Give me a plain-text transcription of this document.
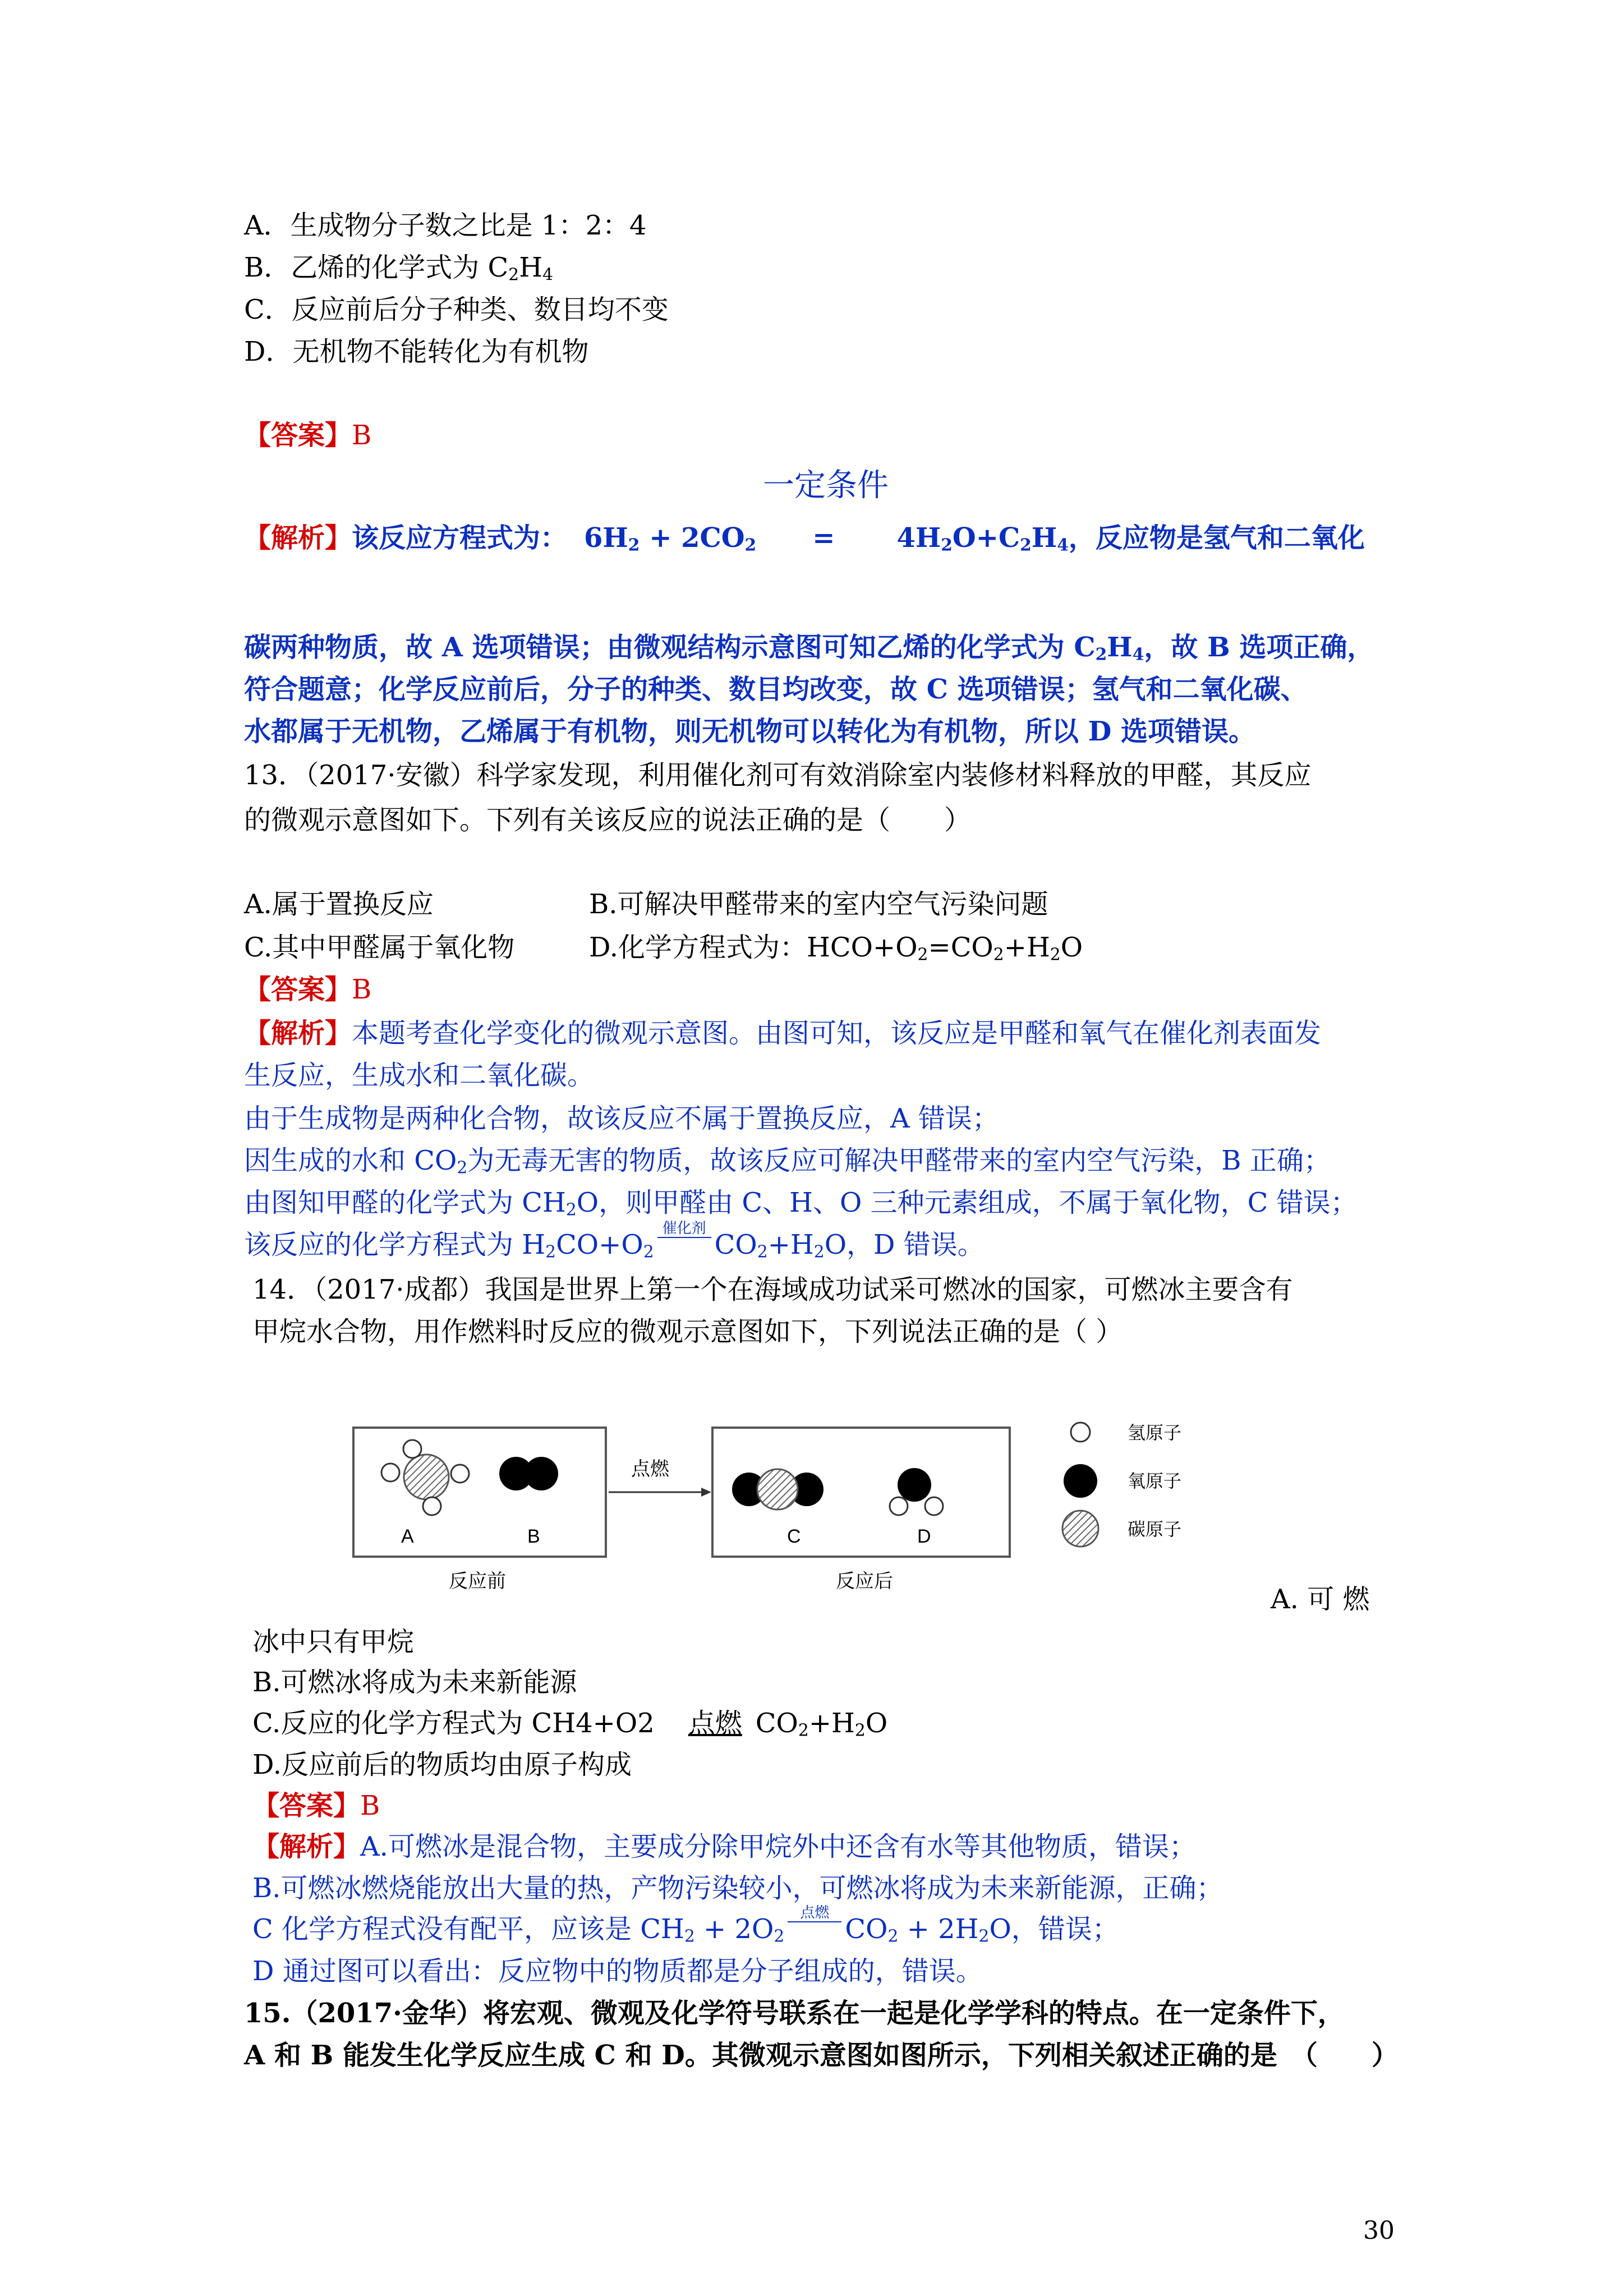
A．生成物分子数之比是 1：2：4
B．乙烯的化学式为 $C_2H_4$
C．反应前后分子种类、数目均不变
D．无机物不能转化为有机物
【答案】B
一定条件
【解析】该反应方程式为： $6H_2 + 2CO_2 = 4H_2O+C_2H_4$，反应物是氢气和二氧化
碳两种物质，故 A 选项错误；由微观结构示意图可知乙烯的化学式为 $C_2H_4$，故 B 选项正确，
符合题意；化学反应前后，分子的种类、数目均改变，故 C 选项错误；氢气和二氧化碳、
水都属于无机物，乙烯属于有机物，则无机物可以转化为有机物，所以 D 选项错误。
13．（2017·安徽）科学家发现，利用催化剂可有效消除室内装修材料释放的甲醛，其反应
的微观示意图如下。下列有关该反应的说法正确的是（　　）
A.属于置换反应	B.可解决甲醛带来的室内空气污染问题
C.其中甲醛属于氧化物	D.化学方程式为：$HCO+O_2=CO_2+H_2O$
【答案】B
【解析】本题考查化学变化的微观示意图。由图可知，该反应是甲醛和氧气在催化剂表面发
生反应，生成水和二氧化碳。
由于生成物是两种化合物，故该反应不属于置换反应，A 错误；
因生成的水和 $CO_2$为无毒无害的物质，故该反应可解决甲醛带来的室内空气污染，B 正确；
由图知甲醛的化学式为 $CH_2O$，则甲醛由 C、H、O 三种元素组成，不属于氧化物，C 错误；
该反应的化学方程式为 $H_2CO+O_2$
催化剂
$CO_2+H_2O$，D 错误。
14．（2017·成都）我国是世界上第一个在海域成功试采可燃冰的国家，可燃冰主要含有
甲烷水合物，用作燃料时反应的微观示意图如下，下列说法正确的是（ ）
A	B
反应前
点燃
C	D
反应后
氢原子
氧原子
碳原子
A. 可 燃
冰中只有甲烷
B.可燃冰将成为未来新能源
C.反应的化学方程式为 CH4+O2 点燃 $CO_2+H_2O$
D.反应前后的物质均由原子构成
【答案】B
【解析】A.可燃冰是混合物，主要成分除甲烷外中还含有水等其他物质，错误；
B.可燃冰燃烧能放出大量的热，产物污染较小，可燃冰将成为未来新能源，正确；
C 化学方程式没有配平，应该是 $CH_2 + 2O_2$
点燃
$CO_2 + 2H_2O$，错误；
D 通过图可以看出：反应物中的物质都是分子组成的，错误。
15.（2017·金华）将宏观、微观及化学符号联系在一起是化学学科的特点。在一定条件下，
A 和 B 能发生化学反应生成 C 和 D。其微观示意图如图所示，下列相关叙述正确的是　（　　）
30
